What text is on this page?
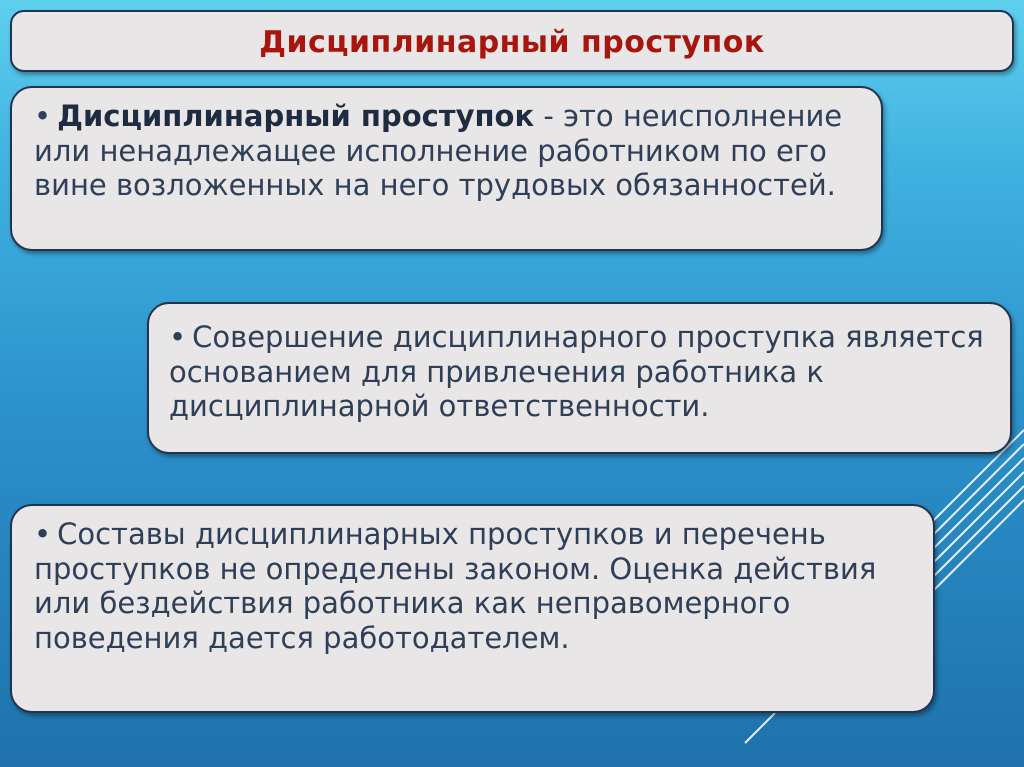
Дисциплинарный проступок

• Дисциплинарный проступок - это неисполнение или ненадлежащее исполнение работником по его вине возложенных на него трудовых обязанностей.

• Совершение дисциплинарного проступка является основанием для привлечения работника к дисциплинарной ответственности.

• Составы дисциплинарных проступков и перечень проступков не определены законом. Оценка действия или бездействия работника как неправомерного поведения дается работодателем.
